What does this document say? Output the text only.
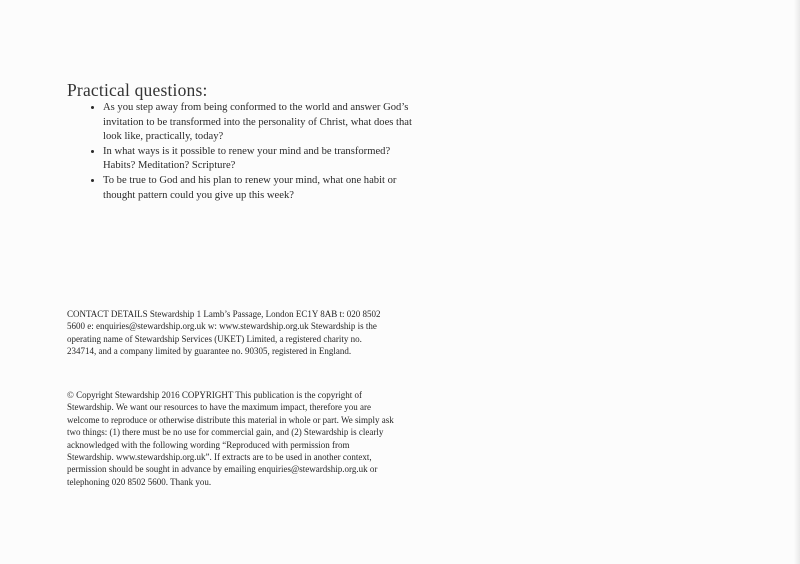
Practical questions:
• As you step away from being conformed to the world and answer God’s invitation to be transformed into the personality of Christ, what does that look like, practically, today?
• In what ways is it possible to renew your mind and be transformed? Habits? Meditation? Scripture?
• To be true to God and his plan to renew your mind, what one habit or thought pattern could you give up this week?

CONTACT DETAILS Stewardship 1 Lamb’s Passage, London EC1Y 8AB t: 020 8502 5600 e: enquiries@stewardship.org.uk w: www.stewardship.org.uk Stewardship is the operating name of Stewardship Services (UKET) Limited, a registered charity no. 234714, and a company limited by guarantee no. 90305, registered in England.

© Copyright Stewardship 2016 COPYRIGHT This publication is the copyright of Stewardship. We want our resources to have the maximum impact, therefore you are welcome to reproduce or otherwise distribute this material in whole or part. We simply ask two things: (1) there must be no use for commercial gain, and (2) Stewardship is clearly acknowledged with the following wording “Reproduced with permission from Stewardship. www.stewardship.org.uk”. If extracts are to be used in another context, permission should be sought in advance by emailing enquiries@stewardship.org.uk or telephoning 020 8502 5600. Thank you.
